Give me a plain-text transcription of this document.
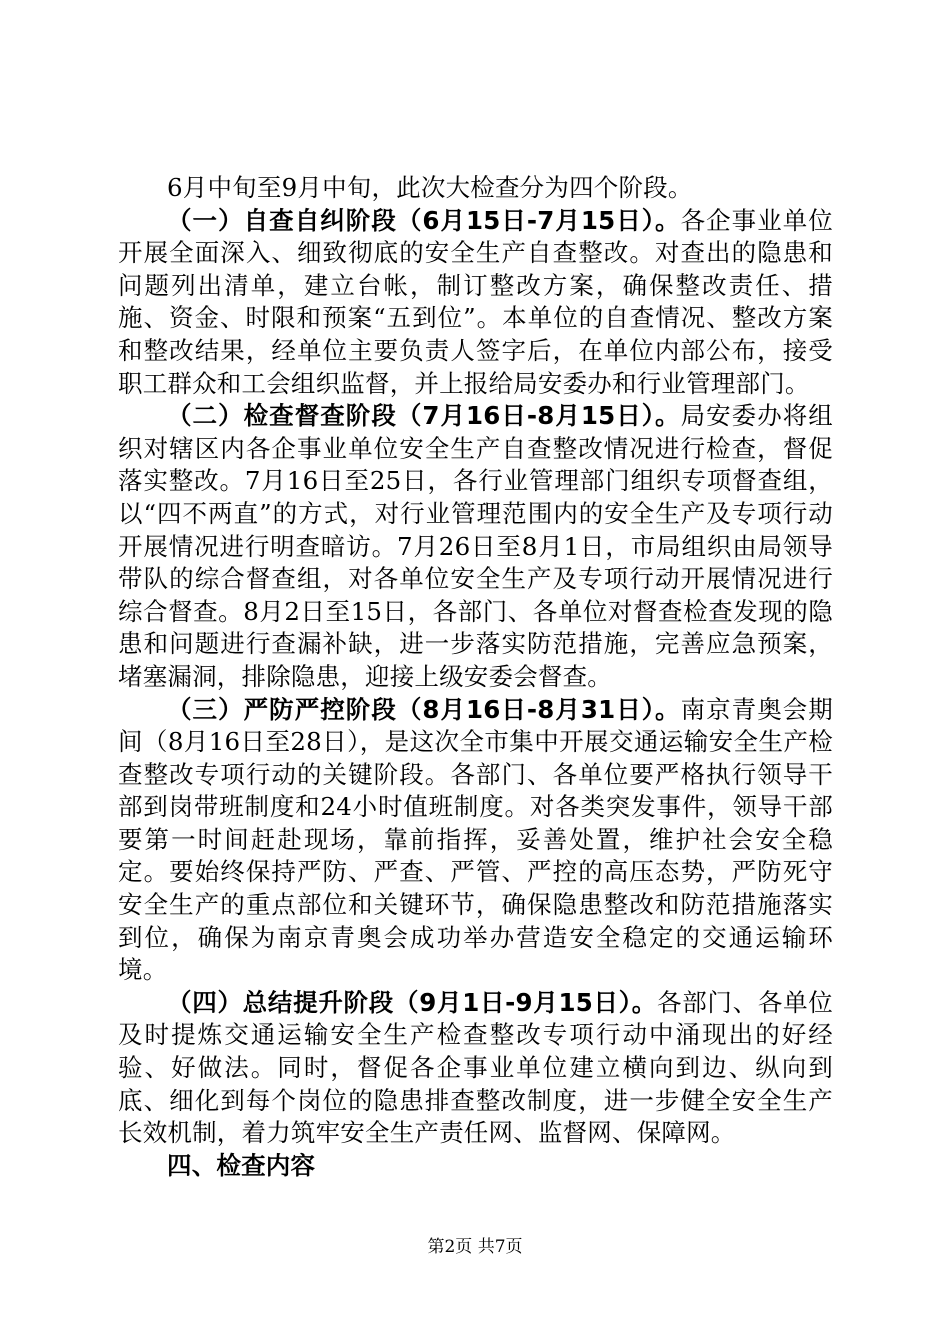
6月中旬至9月中旬，此次大检查分为四个阶段。

（一）自查自纠阶段（6月15日-7月15日）。各企事业单位开展全面深入、细致彻底的安全生产自查整改。对查出的隐患和问题列出清单，建立台帐，制订整改方案，确保整改责任、措施、资金、时限和预案“五到位”。本单位的自查情况、整改方案和整改结果，经单位主要负责人签字后，在单位内部公布，接受职工群众和工会组织监督，并上报给局安委办和行业管理部门。

（二）检查督查阶段（7月16日-8月15日）。局安委办将组织对辖区内各企事业单位安全生产自查整改情况进行检查，督促落实整改。7月16日至25日，各行业管理部门组织专项督查组，以“四不两直”的方式，对行业管理范围内的安全生产及专项行动开展情况进行明查暗访。7月26日至8月1日，市局组织由局领导带队的综合督查组，对各单位安全生产及专项行动开展情况进行综合督查。8月2日至15日，各部门、各单位对督查检查发现的隐患和问题进行查漏补缺，进一步落实防范措施，完善应急预案，堵塞漏洞，排除隐患，迎接上级安委会督查。

（三）严防严控阶段（8月16日-8月31日）。南京青奥会期间（8月16日至28日），是这次全市集中开展交通运输安全生产检查整改专项行动的关键阶段。各部门、各单位要严格执行领导干部到岗带班制度和24小时值班制度。对各类突发事件，领导干部要第一时间赶赴现场，靠前指挥，妥善处置，维护社会安全稳定。要始终保持严防、严查、严管、严控的高压态势，严防死守安全生产的重点部位和关键环节，确保隐患整改和防范措施落实到位，确保为南京青奥会成功举办营造安全稳定的交通运输环境。

（四）总结提升阶段（9月1日-9月15日）。各部门、各单位及时提炼交通运输安全生产检查整改专项行动中涌现出的好经验、好做法。同时，督促各企事业单位建立横向到边、纵向到底、细化到每个岗位的隐患排查整改制度，进一步健全安全生产长效机制，着力筑牢安全生产责任网、监督网、保障网。

四、检查内容

第2页 共7页
